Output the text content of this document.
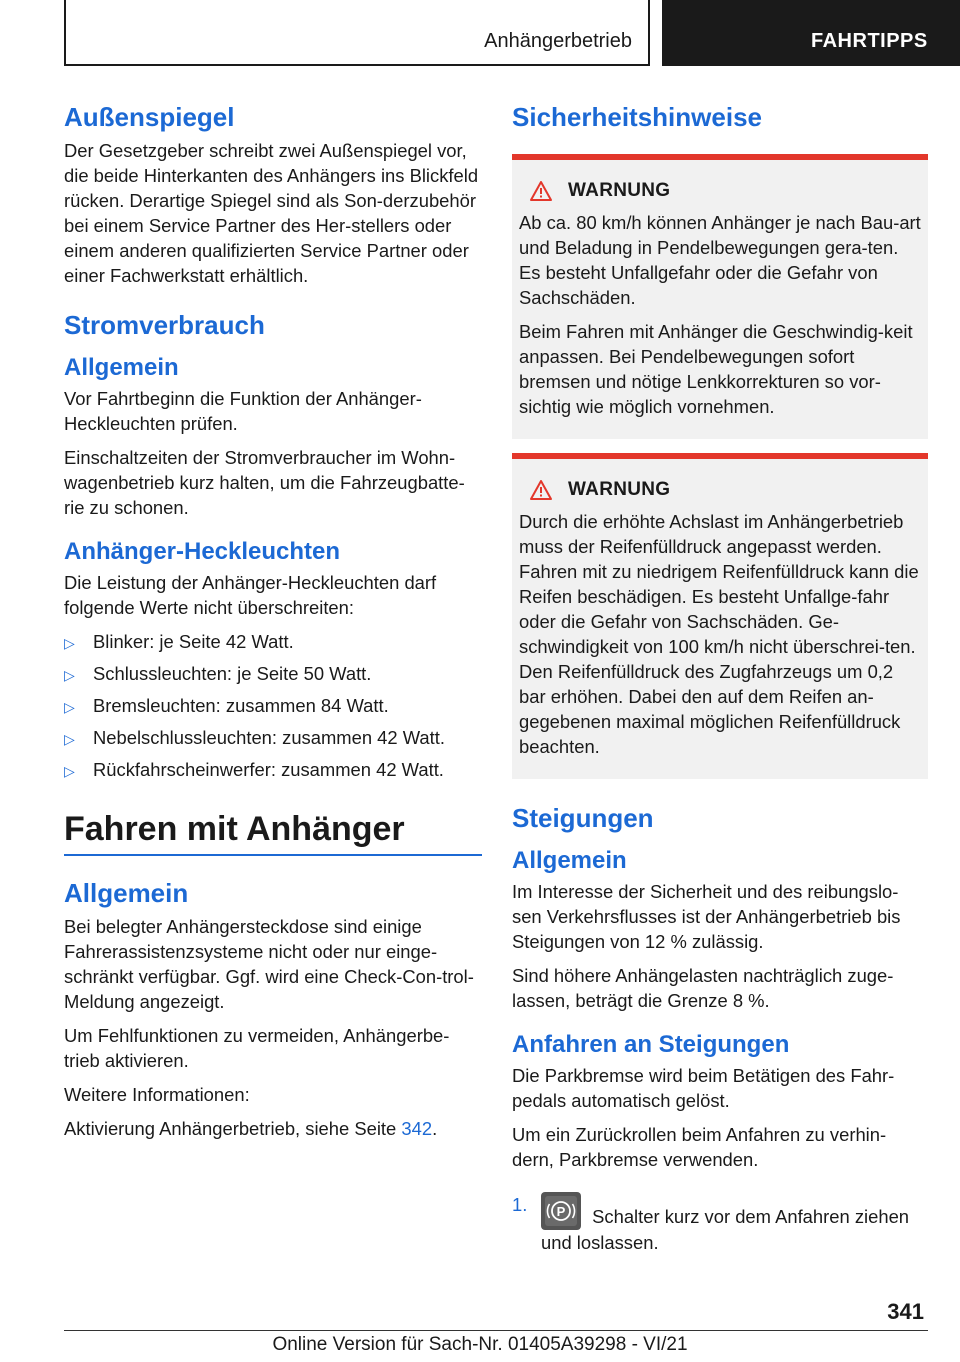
Anhängerbetrieb	FAHRTIPPS
Außenspiegel

Der Gesetzgeber schreibt zwei Außenspiegel vor, die beide Hinterkanten des Anhängers ins Blickfeld rücken. Derartige Spiegel sind als Son-derzubehör bei einem Service Partner des Her-stellers oder einem anderen qualifizierten Service Partner oder einer Fachwerkstatt erhältlich.

Stromverbrauch
Allgemein

Vor Fahrtbeginn die Funktion der Anhänger-Heckleuchten prüfen.

Einschaltzeiten der Stromverbraucher im Wohn-wagenbetrieb kurz halten, um die Fahrzeugbatte-rie zu schonen.

Anhänger-Heckleuchten

Die Leistung der Anhänger-Heckleuchten darf folgende Werte nicht überschreiten:

▷ Blinker: je Seite 42 Watt.
▷ Schlussleuchten: je Seite 50 Watt.
▷ Bremsleuchten: zusammen 84 Watt.
▷ Nebelschlussleuchten: zusammen 42 Watt.
▷ Rückfahrscheinwerfer: zusammen 42 Watt.
Fahren mit Anhänger
Allgemein

Bei belegter Anhängersteckdose sind einige Fahrerassistenzsysteme nicht oder nur einge-schränkt verfügbar. Ggf. wird eine Check-Con-trol-Meldung angezeigt.

Um Fehlfunktionen zu vermeiden, Anhängerbe-trieb aktivieren.

Weitere Informationen:

Aktivierung Anhängerbetrieb, siehe Seite 342.

Sicherheitshinweise
WARNUNG

Ab ca. 80 km/h können Anhänger je nach Bau-art und Beladung in Pendelbewegungen gera-ten. Es besteht Unfallgefahr oder die Gefahr von Sachschäden.

Beim Fahren mit Anhänger die Geschwindig-keit anpassen. Bei Pendelbewegungen sofort bremsen und nötige Lenkkorrekturen so vor-sichtig wie möglich vornehmen.

WARNUNG

Durch die erhöhte Achslast im Anhängerbetrieb muss der Reifenfülldruck angepasst werden. Fahren mit zu niedrigem Reifenfülldruck kann die Reifen beschädigen. Es besteht Unfallge-fahr oder die Gefahr von Sachschäden. Ge-schwindigkeit von 100 km/h nicht überschrei-ten. Den Reifenfülldruck des Zugfahrzeugs um 0,2 bar erhöhen. Dabei den auf dem Reifen an-gegebenen maximal möglichen Reifenfülldruck beachten.

Steigungen
Allgemein

Im Interesse der Sicherheit und des reibungslo-sen Verkehrsflusses ist der Anhängerbetrieb bis Steigungen von 12 % zulässig.

Sind höhere Anhängelasten nachträglich zuge-lassen, beträgt die Grenze 8 %.

Anfahren an Steigungen

Die Parkbremse wird beim Betätigen des Fahr-pedals automatisch gelöst.

Um ein Zurückrollen beim Anfahren zu verhin-dern, Parkbremse verwenden.

1.	P Schalter kurz vor dem Anfahren ziehen und loslassen.
341
Online Version für Sach-Nr. 01405A39298 - VI/21
